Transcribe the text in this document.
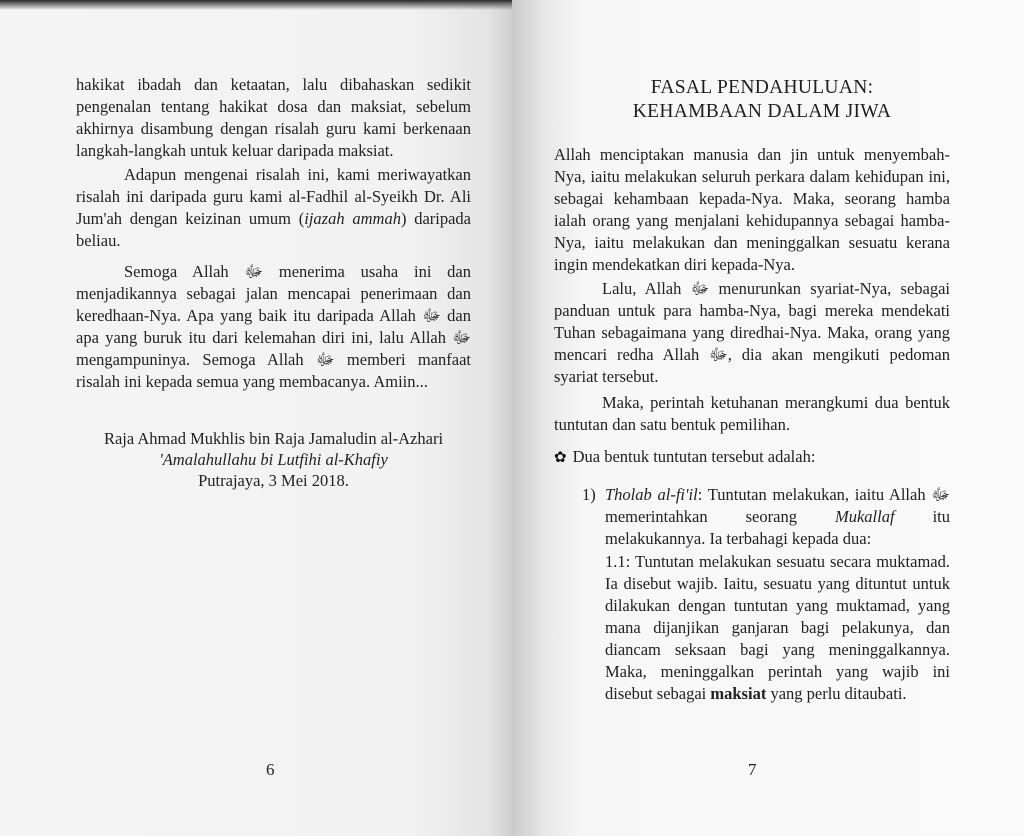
hakikat ibadah dan ketaatan, lalu dibahaskan sedikit pengenalan tentang hakikat dosa dan maksiat, sebelum akhirnya disambung dengan risalah guru kami berkenaan langkah-langkah untuk keluar daripada maksiat.

Adapun mengenai risalah ini, kami meriwayatkan risalah ini daripada guru kami al-Fadhil al-Syeikh Dr. Ali Jum'ah dengan keizinan umum (ijazah ammah) daripada beliau.

Semoga Allah ﷻ menerima usaha ini dan menjadikannya sebagai jalan mencapai penerimaan dan keredhaan-Nya. Apa yang baik itu daripada Allah ﷻ dan apa yang buruk itu dari kelemahan diri ini, lalu Allah ﷻ mengampuninya. Semoga Allah ﷻ memberi manfaat risalah ini kepada semua yang membacanya. Amiin...

Raja Ahmad Mukhlis bin Raja Jamaludin al-Azhari
'Amalahullahu bi Lutfihi al-Khafiy
Putrajaya, 3 Mei 2018.
6
FASAL PENDAHULUAN:
KEHAMBAAN DALAM JIWA

Allah menciptakan manusia dan jin untuk menyembah-Nya, iaitu melakukan seluruh perkara dalam kehidupan ini, sebagai kehambaan kepada-Nya. Maka, seorang hamba ialah orang yang menjalani kehidupannya sebagai hamba-Nya, iaitu melakukan dan meninggalkan sesuatu kerana ingin mendekatkan diri kepada-Nya.

Lalu, Allah ﷻ menurunkan syariat-Nya, sebagai panduan untuk para hamba-Nya, bagi mereka mendekati Tuhan sebagaimana yang diredhai-Nya. Maka, orang yang mencari redha Allah ﷻ, dia akan mengikuti pedoman syariat tersebut.

Maka, perintah ketuhanan merangkumi dua bentuk tuntutan dan satu bentuk pemilihan.

✿ Dua bentuk tuntutan tersebut adalah:
1) Tholab al-fi'il: Tuntutan melakukan, iaitu Allah ﷻ memerintahkan seorang Mukallaf itu melakukannya. Ia terbahagi kepada dua:

1.1: Tuntutan melakukan sesuatu secara muktamad. Ia disebut wajib. Iaitu, sesuatu yang dituntut untuk dilakukan dengan tuntutan yang muktamad, yang mana dijanjikan ganjaran bagi pelakunya, dan diancam seksaan bagi yang meninggalkannya. Maka, meninggalkan perintah yang wajib ini disebut sebagai maksiat yang perlu ditaubati.

7
